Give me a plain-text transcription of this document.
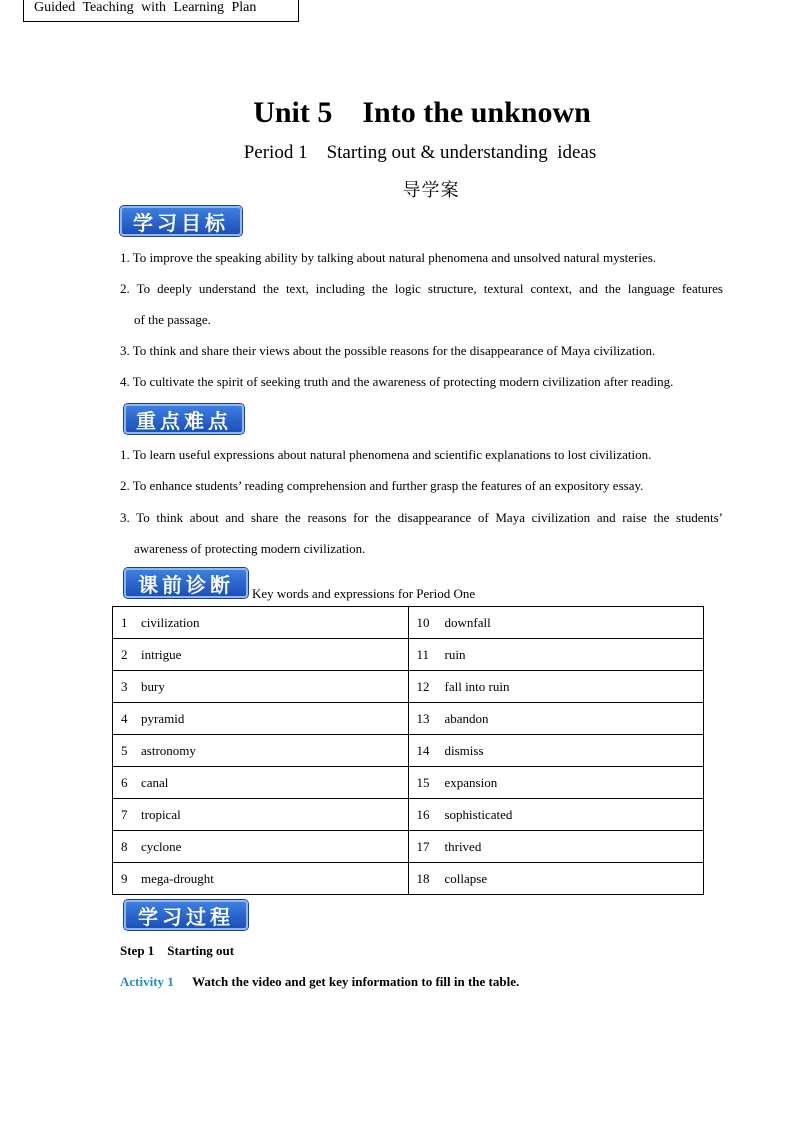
Guided Teaching with Learning Plan
Unit 5    Into the unknown
Period 1    Starting out & understanding  ideas
导学案
学习目标
1. To improve the speaking ability by talking about natural phenomena and unsolved natural mysteries.
2. To deeply understand the text, including the logic structure, textural context, and the language features
of the passage.
3. To think and share their views about the possible reasons for the disappearance of Maya civilization.
4. To cultivate the spirit of seeking truth and the awareness of protecting modern civilization after reading.
重点难点
1. To learn useful expressions about natural phenomena and scientific explanations to lost civilization.
2. To enhance students’ reading comprehension and further grasp the features of an expository essay.
3. To think about and share the reasons for the disappearance of Maya civilization and raise the students’
awareness of protecting modern civilization.
课前诊断	Key words and expressions for Period One
1 civilization	10 downfall
2 intrigue	11 ruin
3 bury	12 fall into ruin
4 pyramid	13 abandon
5 astronomy	14 dismiss
6 canal	15 expansion
7 tropical	16 sophisticated
8 cyclone	17 thrived
9 mega-drought	18 collapse
学习过程
Step 1    Starting out
Activity 1 Watch the video and get key information to fill in the table.
